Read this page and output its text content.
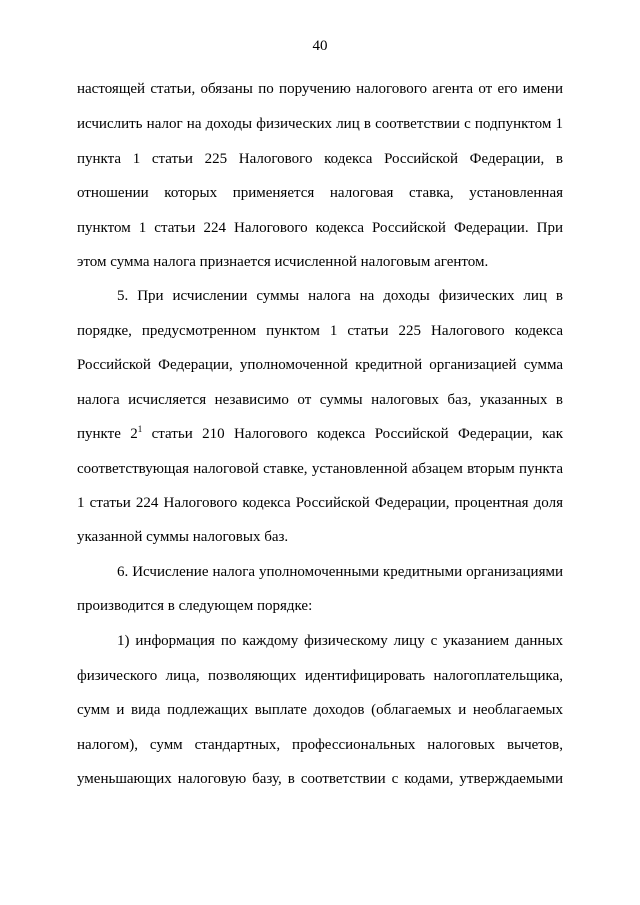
40
настоящей статьи, обязаны по поручению налогового агента от его имени
исчислить налог на доходы физических лиц в соответствии с подпунктом 1
пункта 1 статьи 225 Налогового кодекса Российской Федерации, в
отношении которых применяется налоговая ставка, установленная
пунктом 1 статьи 224 Налогового кодекса Российской Федерации. При
этом сумма налога признается исчисленной налоговым агентом.
5. При исчислении суммы налога на доходы физических лиц в
порядке, предусмотренном пунктом 1 статьи 225 Налогового кодекса
Российской Федерации, уполномоченной кредитной организацией сумма
налога исчисляется независимо от суммы налоговых баз, указанных в
пункте $2^1$ статьи 210 Налогового кодекса Российской Федерации, как
соответствующая налоговой ставке, установленной абзацем вторым пункта
1 статьи 224 Налогового кодекса Российской Федерации, процентная доля
указанной суммы налоговых баз.
6. Исчисление налога уполномоченными кредитными организациями
производится в следующем порядке:
1) информация по каждому физическому лицу с указанием данных
физического лица, позволяющих идентифицировать налогоплательщика,
сумм и вида подлежащих выплате доходов (облагаемых и необлагаемых
налогом), сумм стандартных, профессиональных налоговых вычетов,
уменьшающих налоговую базу, в соответствии с кодами, утверждаемыми
